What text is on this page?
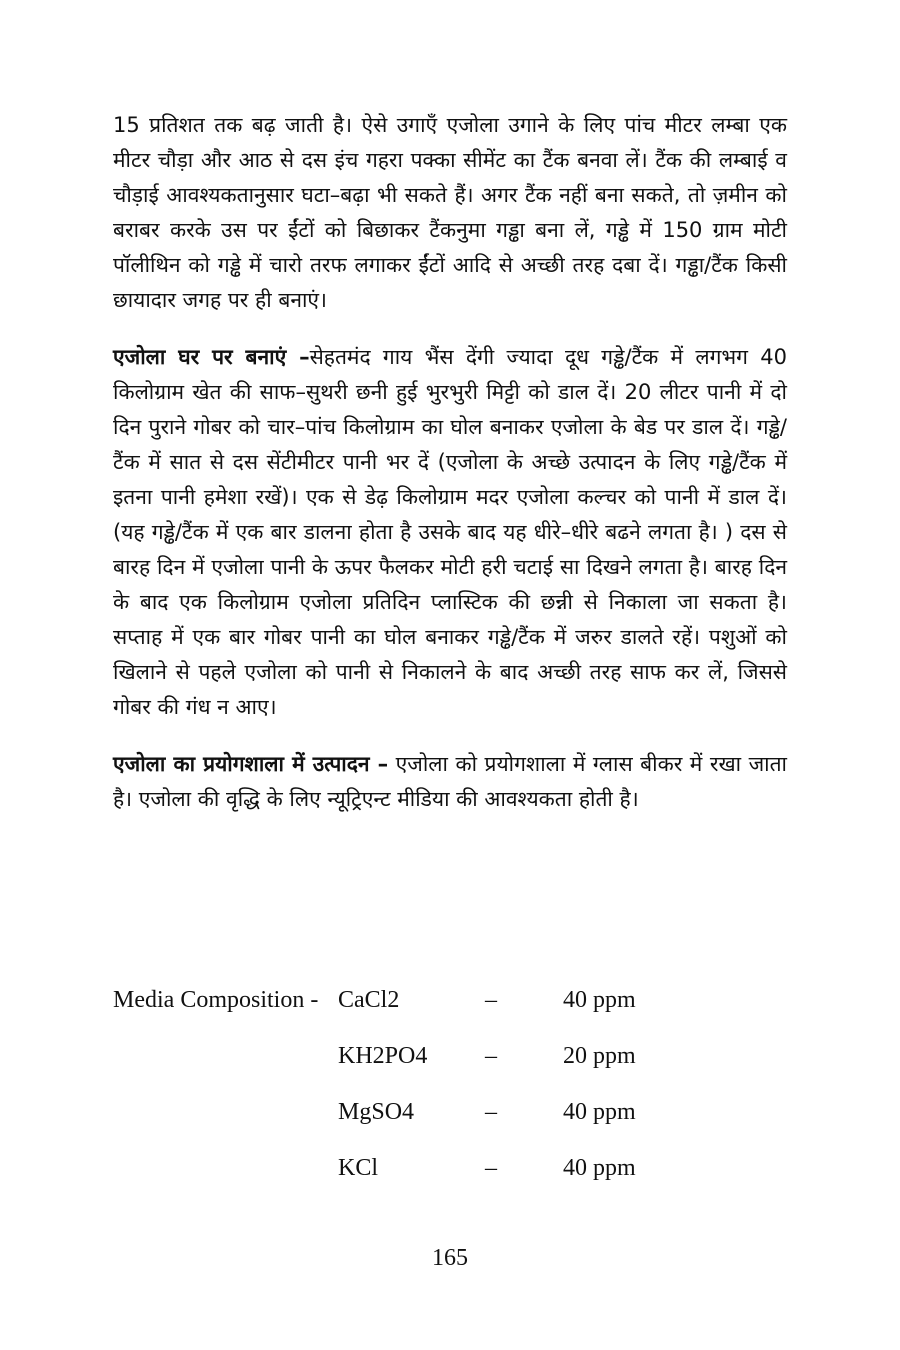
15 प्रतिशत तक बढ़ जाती है। ऐसे उगाएँ एजोला उगाने के लिए पांच मीटर लम्बा एक मीटर चौड़ा और आठ से दस इंच गहरा पक्का सीमेंट का टैंक बनवा लें। टैंक की लम्बाई व चौड़ाई आवश्यकतानुसार घटा–बढ़ा भी सकते हैं। अगर टैंक नहीं बना सकते, तो ज़मीन को बराबर करके उस पर ईंटों को बिछाकर टैंकनुमा गड्ढा बना लें, गड्ढे में 150 ग्राम मोटी पॉलीथिन को गड्ढे में चारो तरफ लगाकर ईंटों आदि से अच्छी तरह दबा दें। गड्ढा/टैंक किसी छायादार जगह पर ही बनाएं।

एजोला घर पर बनाएं –सेहतमंद गाय भैंस देंगी ज्यादा दूध गड्ढे/टैंक में लगभग 40 किलोग्राम खेत की साफ–सुथरी छनी हुई भुरभुरी मिट्टी को डाल दें। 20 लीटर पानी में दो दिन पुराने गोबर को चार–पांच किलोग्राम का घोल बनाकर एजोला के बेड पर डाल दें। गड्ढे/टैंक में सात से दस सेंटीमीटर पानी भर दें (एजोला के अच्छे उत्पादन के लिए गड्ढे/टैंक में इतना पानी हमेशा रखें)। एक से डेढ़ किलोग्राम मदर एजोला कल्चर को पानी में डाल दें। (यह गड्ढे/टैंक में एक बार डालना होता है उसके बाद यह धीरे–धीरे बढने लगता है। ) दस से बारह दिन में एजोला पानी के ऊपर फैलकर मोटी हरी चटाई सा दिखने लगता है। बारह दिन के बाद एक किलोग्राम एजोला प्रतिदिन प्लास्टिक की छन्नी से निकाला जा सकता है। सप्ताह में एक बार गोबर पानी का घोल बनाकर गड्ढे/टैंक में जरुर डालते रहें। पशुओं को खिलाने से पहले एजोला को पानी से निकालने के बाद अच्छी तरह साफ कर लें, जिससे गोबर की गंध न आए।

एजोला का प्रयोगशाला में उत्पादन – एजोला को प्रयोगशाला में ग्लास बीकर में रखा जाता है। एजोला की वृद्धि के लिए न्यूट्रिएन्ट मीडिया की आवश्यकता होती है।

Media Composition - CaCl2	–	40 ppm
KH2PO4 –	20 ppm
MgSO4	–	40 ppm
KCl	–	40 ppm
165
